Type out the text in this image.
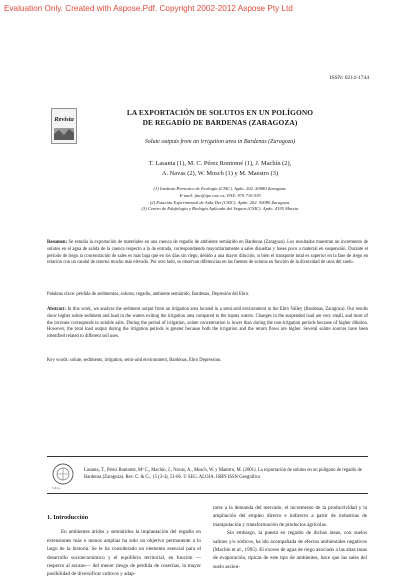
Evaluation Only. Created with Aspose.Pdf. Copyright 2002-2012 Aspose Pty Ltd
ISSN: 0214-1744
Revista
LA EXPORTACIÓN DE SOLUTOS EN UN POLÍGONO
DE REGADÍO DE BARDENAS (ZARAGOZA)
Solute outputs from an irrigation area in Bardenas (Zaragoza)
T. Lasanta (1), M. C. Pérez Rontomé (1), J. Machín (2),
A. Navas (2), W. Mosch (1) y M. Maestro (3)
(1) Instituto Pirenaico de Ecología (CSIC). Apdo. 202. 50080 Zaragoza.
E-mail: fmc@ipe.csic.es; FAX: 976 716 019
(2) Estación Experimental de Aula Dei (CSIC). Apdo. 202. 50080 Zaragoza.
(3) Centro de Edafología y Biología Aplicada del Segura (CSIC). Apdo. 4195 Murcia
Resumen: Se estudia la exportación de materiales en una cuenca de regadío de ambiente semiárido en Bardenas (Zaragoza). Los resultados muestran un incremento de solutos en el agua de salida de la cuenca respecto a la de entrada, correspondiendo mayoritariamente a sales disueltas y bases poco a material en suspensión. Durante el periodo de riego la concentración de sales es más baja que en los días sin riego, debido a una mayor dilución, si bien el transporte total es superior en la fase de riego en relación con un caudal de retorno mucho más elevado. Por otro lado, se observan diferencias en las fuentes de solutos en función de la diversidad de usos del suelo.
Palabras clave: pérdida de sedimentos, solutos, regadío, ambiente semiárido, Bardenas, Depresión del Ebro.
Abstract: In this work, we analyze the sediment output from an irrigation area located in a semi-arid environment in the Ebro Valley (Bardenas, Zaragoza). Our results show higher solute sediment and load in the waters exiting the irrigation area compared to the inputs waters. Changes in the suspended load are very small, and most of the increase corresponds to soluble salts. During the period of irrigation, solute concentration is lower than during the non-irrigation periods because of higher dilution. However, the total load output during the irrigation periods is greater because both the irrigation and the return flows are higher. Several solute sources have been identified related to different soil uses.
Key words: solute, sediments, irrigation, semi-arid environment, Bardenas, Ebro Depression.
S.E.G.
Lasanta, T., Pérez Rontomé, Mª C., Machín, J., Navas, A., Mosch, W. y Maestro, M. (2001). La exportación de solutos en un polígono de regadío de Bardenas (Zaragoza). Rev. C. & G., 15 (3-4), 51-66. © SEG. ALOJA. ISBN ISSN Geográfica
1. Introducción

En ambientes áridos y semiáridos la implantación del regadío en extensiones más o menos amplias ha sido un objetivo permanente a lo largo de la historia. Se le ha considerado un elemento esencial para el desarrollo socioeconómico y el equilibrio territorial, en función —respecto al secano— del menor riesgo de pérdida de cosechas, la mayor posibilidad de diversificar cultivos y adap-

tarse a la demanda del mercado, el incremento de la productividad y la ampliación del empleo directo e indirecto a partir de industrias de manipulación y transformación de productos agrícolas.

Sin embargo, la puesta en regadío de dichas áreas, con suelos salinos y/o sódicos, ha ido acompañada de efectos ambientales negativos (Machín et al., 1995). El exceso de agua de riego asociado a las altas tasas de evaporación, típicas de este tipo de ambientes, hace que las sales del suelo ascien-
